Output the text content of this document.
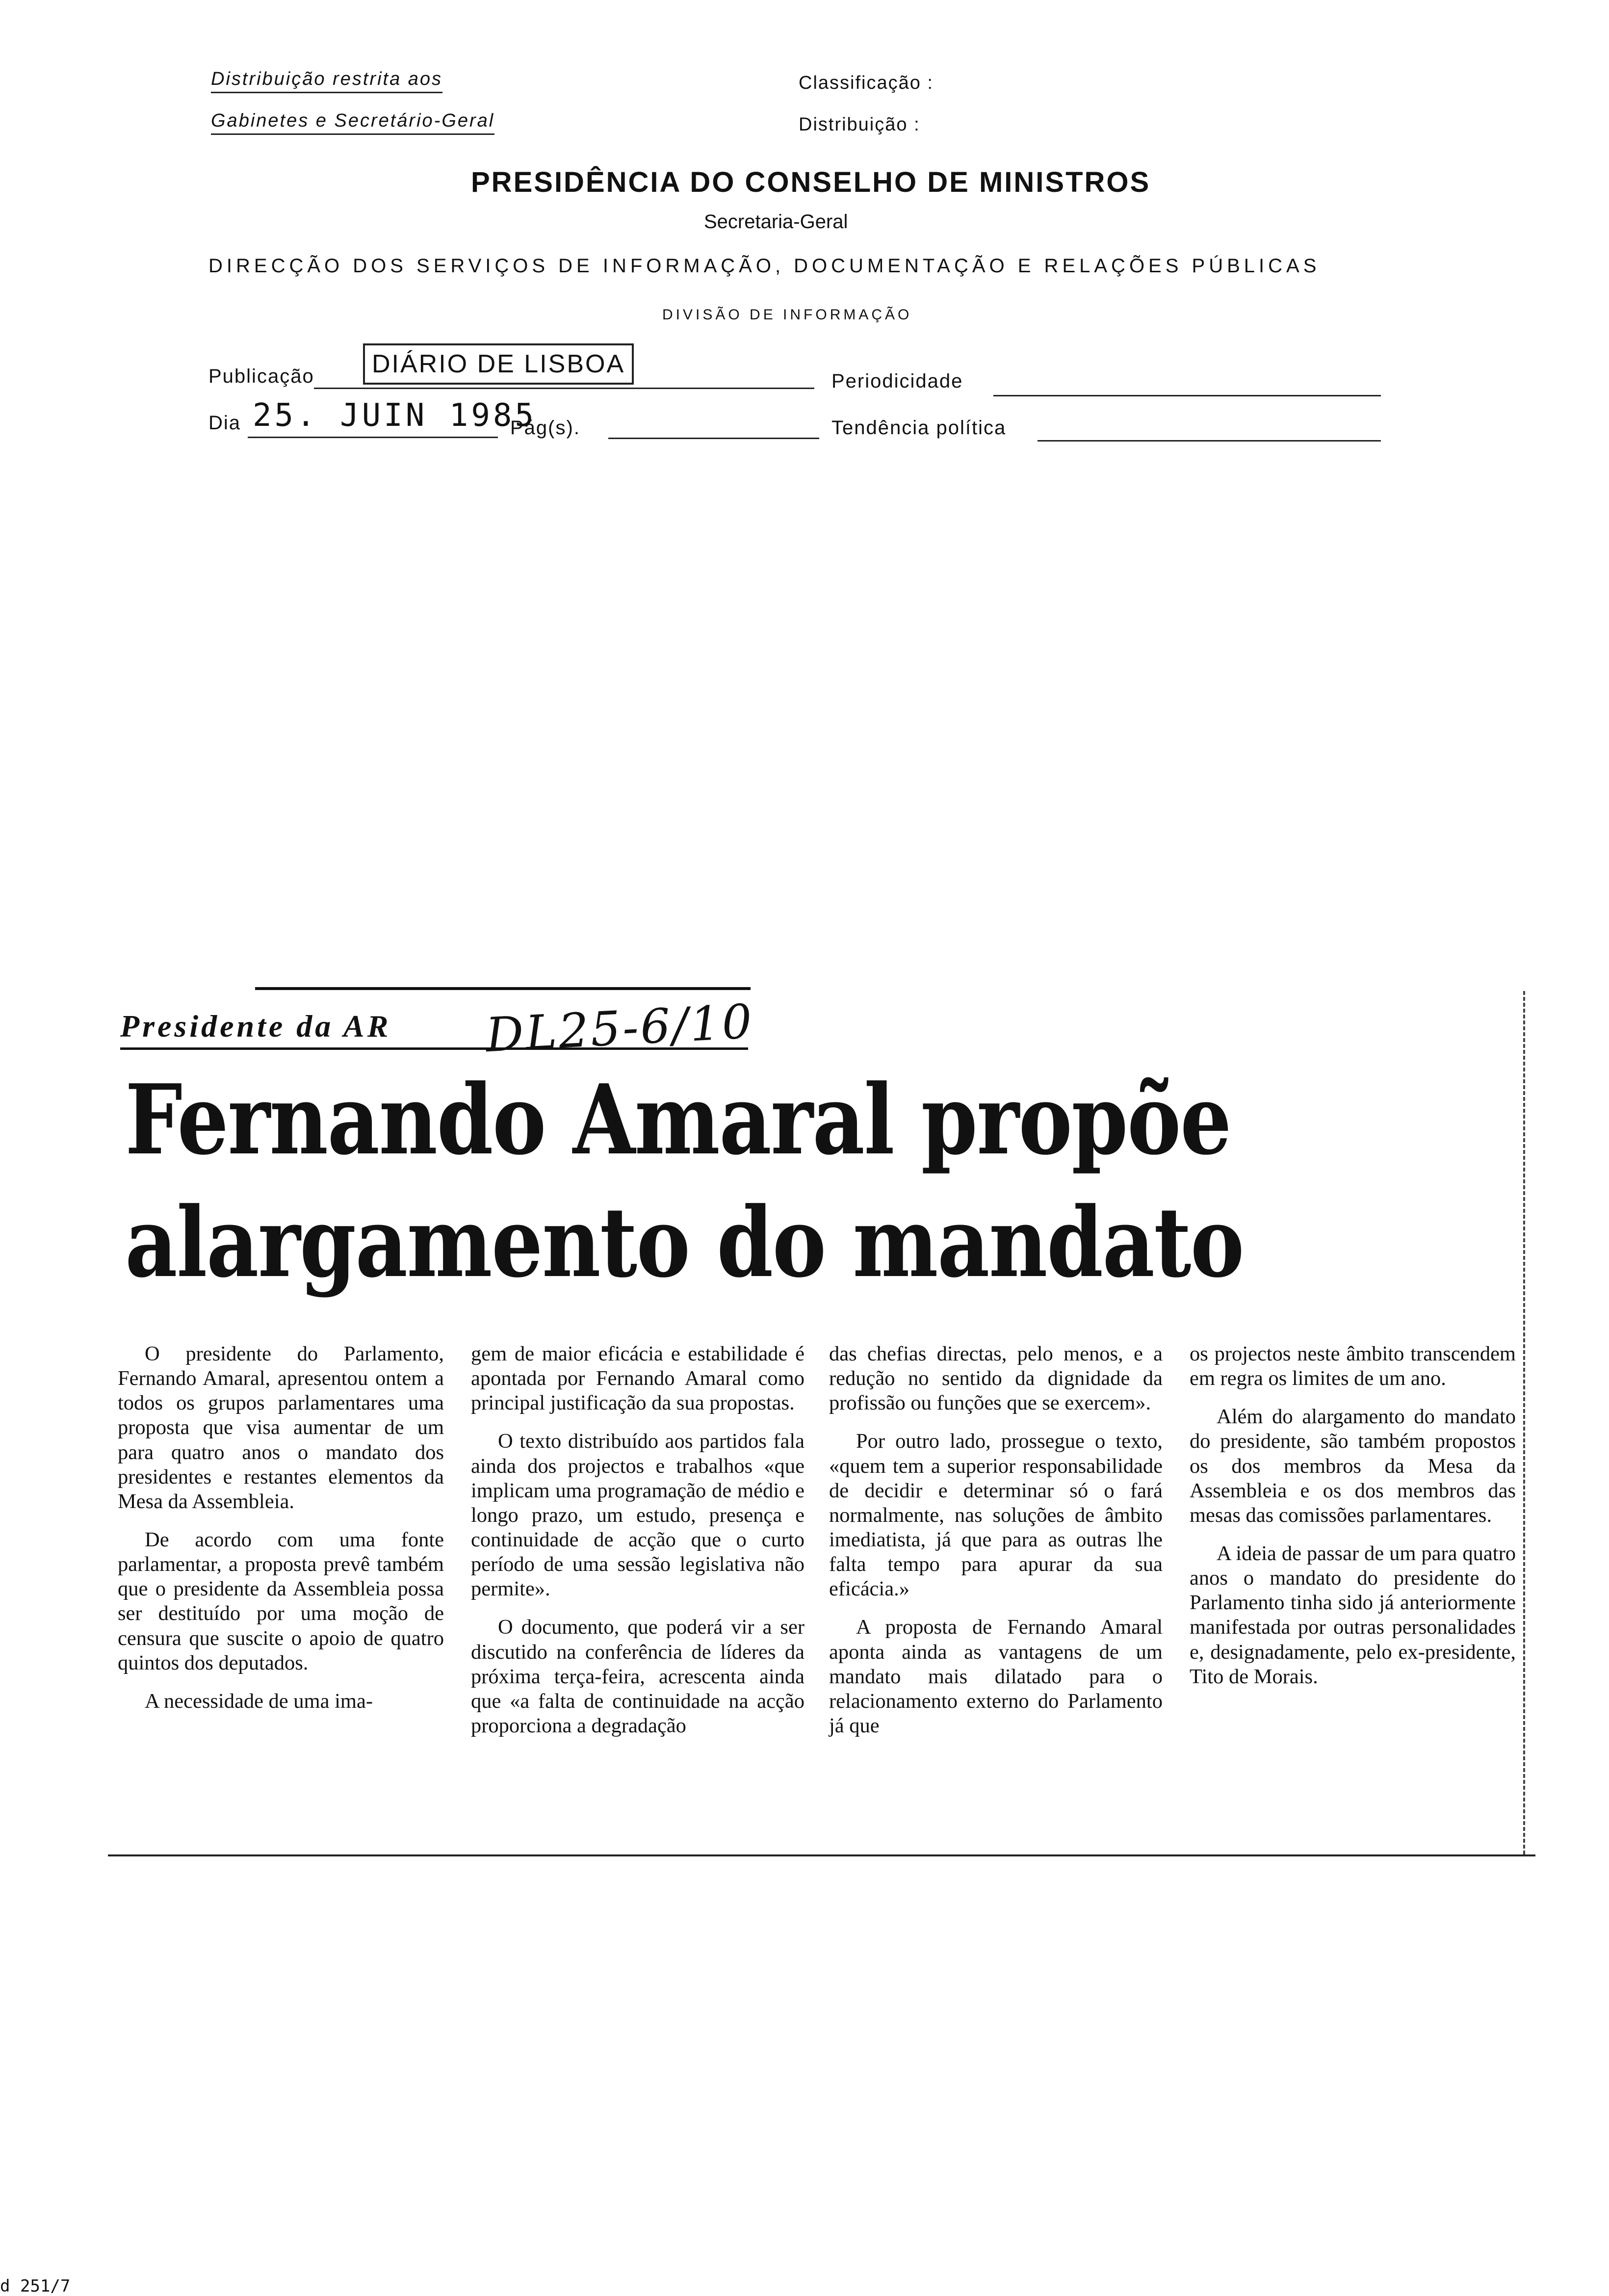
Distribuição restrita aos
Gabinetes e Secretário-Geral
Classificação :
Distribuição :
PRESIDÊNCIA DO CONSELHO DE MINISTROS
Secretaria-Geral
DIRECÇÃO DOS SERVIÇOS DE INFORMAÇÃO, DOCUMENTAÇÃO E RELAÇÕES PÚBLICAS
DIVISÃO DE INFORMAÇÃO
Publicação	DIÁRIO DE LISBOA
Periodicidade
Dia 25. JUIN 1985
Pág(s).	Tendência política
Presidente da AR DL25-6/10
Fernando Amaral propõe
alargamento do mandato

O presidente do Parlamento, Fernando Amaral, apresentou ontem a todos os grupos parlamentares uma proposta que visa aumentar de um para quatro anos o mandato dos presidentes e restantes elementos da Mesa da Assembleia.

De acordo com uma fonte parlamentar, a proposta prevê também que o presidente da Assembleia possa ser destituído por uma moção de censura que suscite o apoio de quatro quintos dos deputados.

A necessidade de uma ima-

gem de maior eficácia e estabilidade é apontada por Fernando Amaral como principal justificação da sua propostas.

O texto distribuído aos partidos fala ainda dos projectos e trabalhos «que implicam uma programação de médio e longo prazo, um estudo, presença e continuidade de acção que o curto período de uma sessão legislativa não permite».

O documento, que poderá vir a ser discutido na conferência de líderes da próxima terça-feira, acrescenta ainda que «a falta de continuidade na acção proporciona a degradação

das chefias directas, pelo menos, e a redução no sentido da dignidade da profissão ou funções que se exercem».

Por outro lado, prossegue o texto, «quem tem a superior responsabilidade de decidir e determinar só o fará normalmente, nas soluções de âmbito imediatista, já que para as outras lhe falta tempo para apurar da sua eficácia.»

A proposta de Fernando Amaral aponta ainda as vantagens de um mandato mais dilatado para o relacionamento externo do Parlamento já que

os projectos neste âmbito transcendem em regra os limites de um ano.

Além do alargamento do mandato do presidente, são também propostos os dos membros da Mesa da Assembleia e os dos membros das mesas das comissões parlamentares.

A ideia de passar de um para quatro anos o mandato do presidente do Parlamento tinha sido já anteriormente manifestada por outras personalidades e, designadamente, pelo ex-presidente, Tito de Morais.

d 251/7
